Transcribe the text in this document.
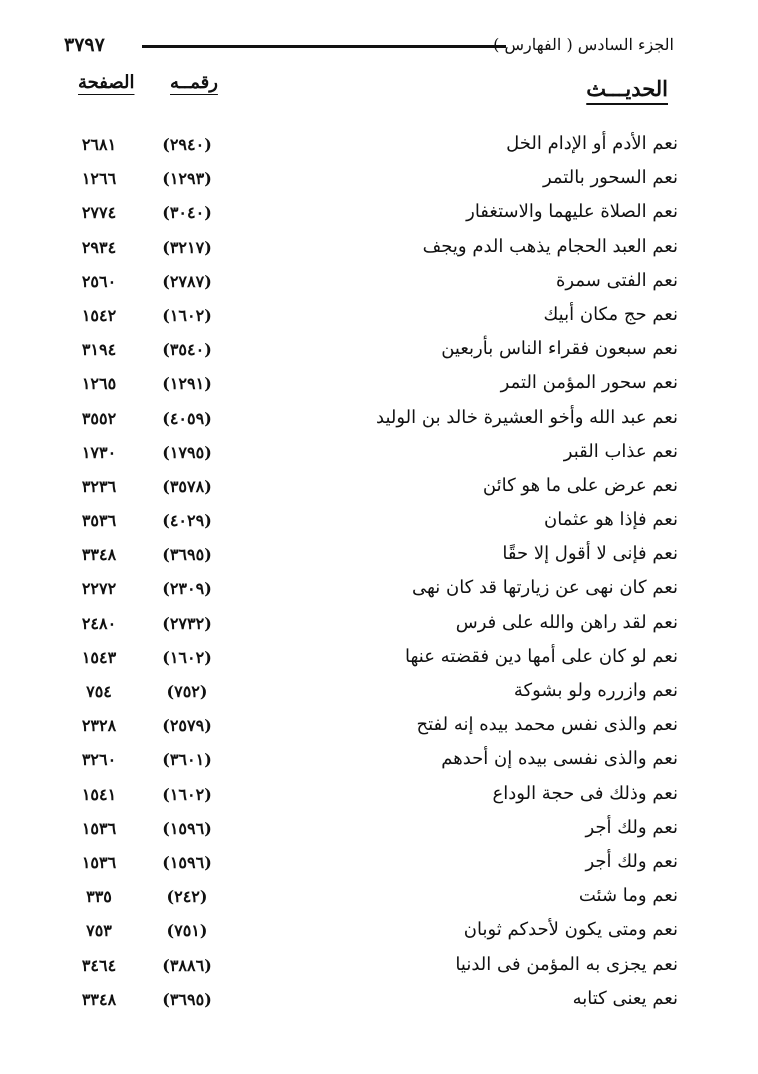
٣٧٩٧	الجزء السادس ( الفهارس )
الصفحة رقمــه	الحديـــث
نعم الأدم أو الإدام الخل
(٢٩٤٠)
٢٦٨١
نعم السحور بالتمر
(١٢٩٣)
١٢٦٦
نعم الصلاة عليهما والاستغفار
(٣٠٤٠)
٢٧٧٤
نعم العبد الحجام يذهب الدم ويجف
(٣٢١٧)
٢٩٣٤
نعم الفتى سمرة
(٢٧٨٧)
٢٥٦٠
نعم حج مكان أبيك
(١٦٠٢)
١٥٤٢
نعم سبعون فقراء الناس بأربعين
(٣٥٤٠)
٣١٩٤
نعم سحور المؤمن التمر
(١٢٩١)
١٢٦٥
نعم عبد الله وأخو العشيرة خالد بن الوليد
(٤٠٥٩)
٣٥٥٢
نعم عذاب القبر
(١٧٩٥)
١٧٣٠
نعم عرض على ما هو كائن
(٣٥٧٨)
٣٢٣٦
نعم فإذا هو عثمان
(٤٠٢٩)
٣٥٣٦
نعم فإنى لا أقول إلا حقًا
(٣٦٩٥)
٣٣٤٨
نعم كان نهى عن زيارتها قد كان نهى
(٢٣٠٩)
٢٢٧٢
نعم لقد راهن والله على فرس
(٢٧٣٢)
٢٤٨٠
نعم لو كان على أمها دين فقضته عنها
(١٦٠٢)
١٥٤٣
نعم وازرره ولو بشوكة
(٧٥٢)
٧٥٤
نعم والذى نفس محمد بيده إنه لفتح
(٢٥٧٩)
٢٣٢٨
نعم والذى نفسى بيده إن أحدهم
(٣٦٠١)
٣٢٦٠
نعم وذلك فى حجة الوداع
(١٦٠٢)
١٥٤١
نعم ولك أجر
(١٥٩٦)
١٥٣٦
نعم ولك أجر
(١٥٩٦)
١٥٣٦
نعم وما شئت
(٢٤٢)
٣٣٥
نعم ومتى يكون لأحدكم ثوبان
(٧٥١)
٧٥٣
نعم يجزى به المؤمن فى الدنيا
(٣٨٨٦)
٣٤٦٤
نعم يعنى كتابه
(٣٦٩٥)
٣٣٤٨
